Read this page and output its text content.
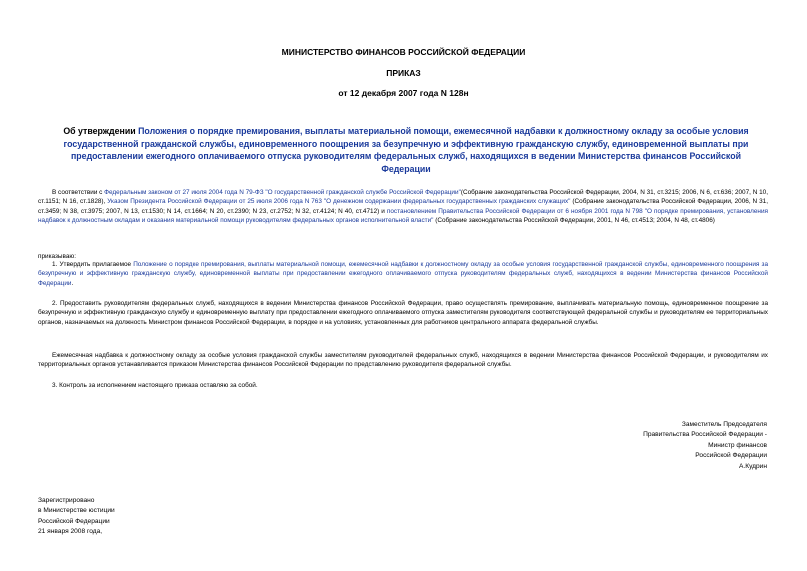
МИНИСТЕРСТВО ФИНАНСОВ РОССИЙСКОЙ ФЕДЕРАЦИИ
ПРИКАЗ
от 12 декабря 2007 года N 128н
Об утверждении Положения о порядке премирования, выплаты материальной помощи, ежемесячной надбавки к должностному окладу за особые условия государственной гражданской службы, единовременного поощрения за безупречную и эффективную гражданскую службу, единовременной выплаты при предоставлении ежегодного оплачиваемого отпуска руководителям федеральных служб, находящихся в ведении Министерства финансов Российской Федерации
В соответствии с Федеральным законом от 27 июля 2004 года N 79-ФЗ "О государственной гражданской службе Российской Федерации"(Собрание законодательства Российской Федерации, 2004, N 31, ст.3215; 2006, N 6, ст.636; 2007, N 10, ст.1151; N 16, ст.1828), Указом Президента Российской Федерации от 25 июля 2006 года N 763 "О денежном содержании федеральных государственных гражданских служащих" (Собрание законодательства Российской Федерации, 2006, N 31, ст.3459; N 38, ст.3975; 2007, N 13, ст.1530; N 14, ст.1664; N 20, ст.2390; N 23, ст.2752; N 32, ст.4124; N 40, ст.4712) и постановлением Правительства Российской Федерации от 6 ноября 2001 года N 798 "О порядке премирования, установления надбавок к должностным окладам и оказания материальной помощи руководителям федеральных органов исполнительной власти" (Собрание законодательства Российской Федерации, 2001, N 46, ст.4513; 2004, N 48, ст.4806)
приказываю:
1. Утвердить прилагаемое Положение о порядке премирования, выплаты материальной помощи, ежемесячной надбавки к должностному окладу за особые условия государственной гражданской службы, единовременного поощрения за безупречную и эффективную гражданскую службу, единовременной выплаты при предоставлении ежегодного оплачиваемого отпуска руководителям федеральных служб, находящихся в ведении Министерства финансов Российской Федерации.
2. Предоставить руководителям федеральных служб, находящихся в ведении Министерства финансов Российской Федерации, право осуществлять премирование, выплачивать материальную помощь, единовременное поощрение за безупречную и эффективную гражданскую службу и единовременную выплату при предоставлении ежегодного оплачиваемого отпуска заместителям руководителя соответствующей федеральной службы и руководителям ее территориальных органов, назначаемых на должность Министром финансов Российской Федерации, в порядке и на условиях, установленных для работников центрального аппарата федеральной службы.
Ежемесячная надбавка к должностному окладу за особые условия гражданской службы заместителям руководителей федеральных служб, находящихся в ведении Министерства финансов Российской Федерации, и руководителям их территориальных органов устанавливается приказом Министерства финансов Российской Федерации по представлению руководителя федеральной службы.
3. Контроль за исполнением настоящего приказа оставляю за собой.
Заместитель Председателя
Правительства Российской Федерации -
Министр финансов
Российской Федерации
А.Кудрин
Зарегистрировано
в Министерстве юстиции
Российской Федерации
21 января 2008 года,
